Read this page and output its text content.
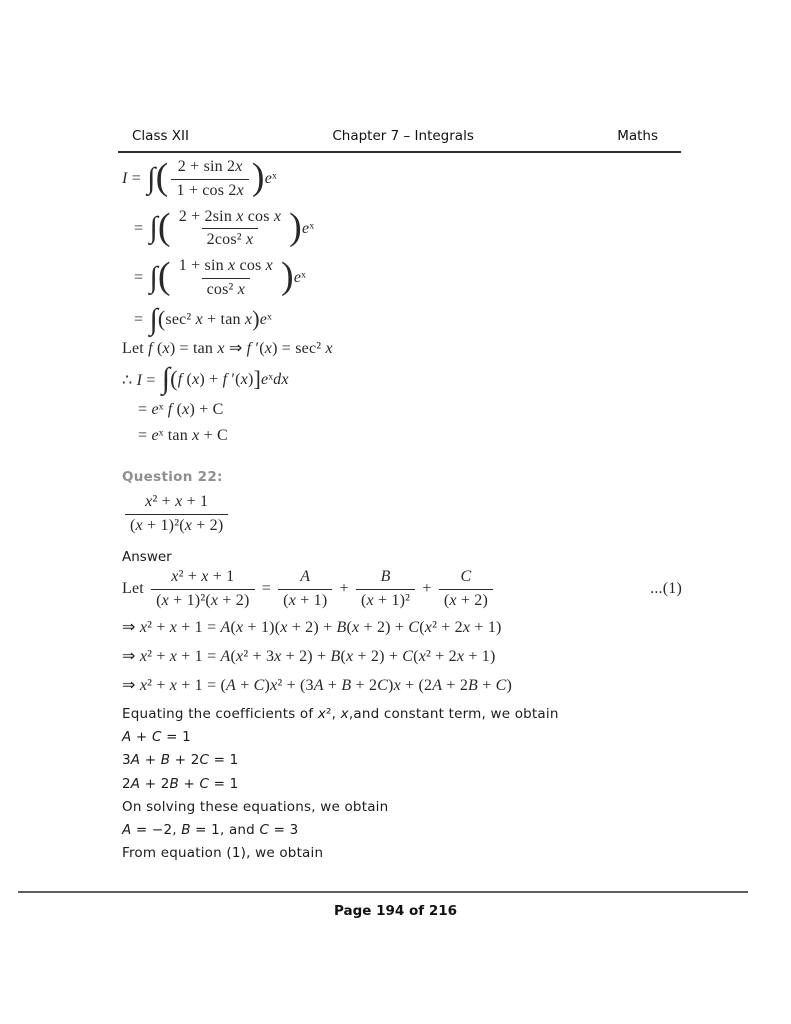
Class XII	Chapter 7 – Integrals	Maths
I = ∫ ( $\frac{2 + \sin 2x}{1 + \cos 2x}$ ) eˣ
= ∫ ( $\frac{\text{2 + 2sin x cos x}}{\text{2cos² x}}$ ) eˣ
= ∫ ( $\frac{\text{1 + sin x cos x}}{\text{cos² x}}$ ) eˣ
= ∫ ( sec² x + tan x ) eˣ
Let f (x) = tan x ⇒ f ′(x) = sec² x
∴ I = ∫ ( f (x) + f ′(x) ] eˣdx
= eˣ f (x) + C
= eˣ tan x + C
Question 22:
$\frac{\text{x² + x + 1}}{\text{(x + 1)²(x + 2)}}$
Answer
Let $\frac{\text{x² + x + 1}}{\text{(x + 1)²(x + 2)}} = \frac{A}{(x + 1)} + \frac{B}{\text{(x + 1)²}} + \frac{C}{(x + 2)}$	...(1)
⇒ x² + x + 1 = A(x + 1)(x + 2) + B(x + 2) + C(x² + 2x + 1)
⇒ x² + x + 1 = A(x² + 3x + 2) + B(x + 2) + C(x² + 2x + 1)
⇒ x² + x + 1 = (A + C)x² + (3A + B + 2C)x + (2A + 2B + C)
Equating the coefficients of x², x,and constant term, we obtain
A + C = 1
3A + B + 2C = 1
2A + 2B + C = 1
On solving these equations, we obtain
A = −2, B = 1, and C = 3
From equation (1), we obtain
Page 194 of 216
